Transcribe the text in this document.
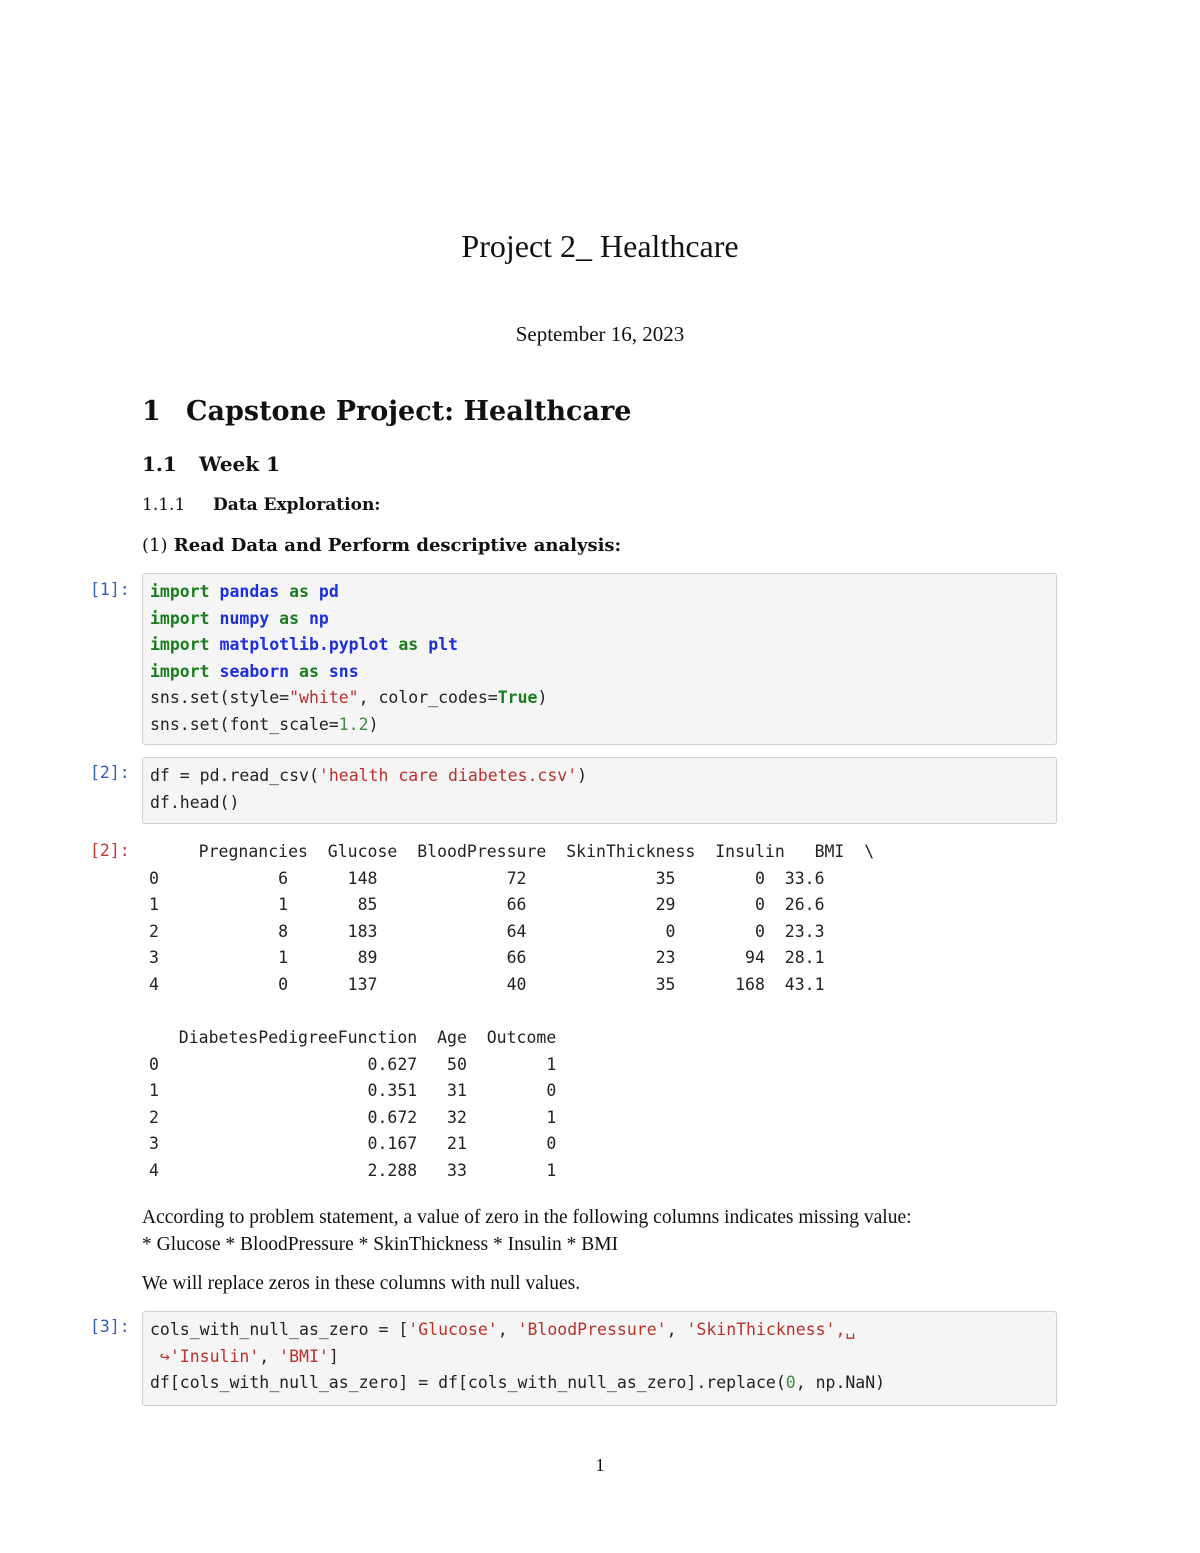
Project 2_ Healthcare
September 16, 2023
1 Capstone Project: Healthcare
1.1 Week 1
1.1.1 Data Exploration:
(1) Read Data and Perform descriptive analysis:
[1]:	import pandas as pd
import numpy as np
import matplotlib.pyplot as plt
import seaborn as sns
sns.set(style="white", color_codes=True)
sns.set(font_scale=1.2)
[2]:	df = pd.read_csv('health care diabetes.csv')
df.head()
[2]: Pregnancies  Glucose  BloodPressure  SkinThickness  Insulin   BMI  \
0            6      148             72             35        0  33.6
1            1       85             66             29        0  26.6
2            8      183             64              0        0  23.3
3            1       89             66             23       94  28.1
4            0      137             40             35      168  43.1
DiabetesPedigreeFunction  Age  Outcome
0                     0.627   50        1
1                     0.351   31        0
2                     0.672   32        1
3                     0.167   21        0
4                     2.288   33        1
According to problem statement, a value of zero in the following columns indicates missing value:
* Glucose * BloodPressure * SkinThickness * Insulin * BMI
We will replace zeros in these columns with null values.
[3]:	cols_with_null_as_zero = ['Glucose', 'BloodPressure', 'SkinThickness',␣
↪'Insulin', 'BMI']
df[cols_with_null_as_zero] = df[cols_with_null_as_zero].replace(0, np.NaN)
1
